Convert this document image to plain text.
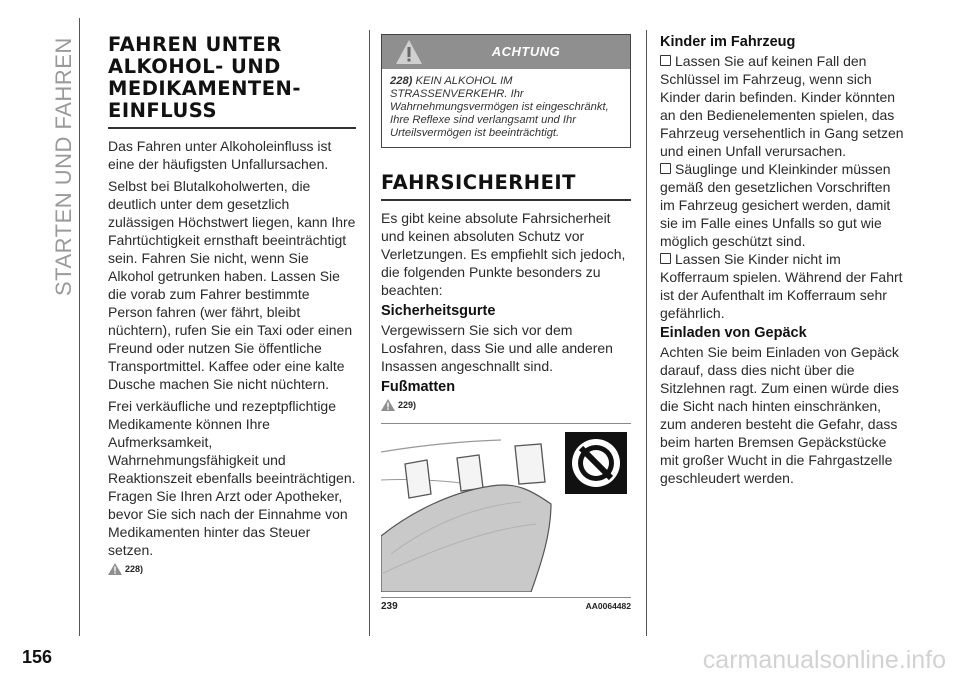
STARTEN UND FAHREN FAHREN UNTER
ALKOHOL- UND
MEDIKAMENTEN-
EINFLUSS

Das Fahren unter Alkoholeinfluss ist eine der häufigsten Unfallursachen.

Selbst bei Blutalkoholwerten, die deutlich unter dem gesetzlich zulässigen Höchstwert liegen, kann Ihre Fahrtüchtigkeit ernsthaft beeinträchtigt sein. Fahren Sie nicht, wenn Sie Alkohol getrunken haben. Lassen Sie die vorab zum Fahrer bestimmte Person fahren (wer fährt, bleibt nüchtern), rufen Sie ein Taxi oder einen Freund oder nutzen Sie öffentliche Transportmittel. Kaffee oder eine kalte Dusche machen Sie nicht nüchtern.

Frei verkäufliche und rezeptpflichtige Medikamente können Ihre Aufmerksamkeit, Wahrnehmungsfähigkeit und Reaktionszeit ebenfalls beeinträchtigen. Fragen Sie Ihren Arzt oder Apotheker, bevor Sie sich nach der Einnahme von Medikamenten hinter das Steuer setzen.

228)
ACHTUNG
228) KEIN ALKOHOL IM STRASSENVERKEHR. Ihr Wahrnehmungsvermögen ist eingeschränkt, Ihre Reflexe sind verlangsamt und Ihr Urteilsvermögen ist beeinträchtigt.
FAHRSICHERHEIT

Es gibt keine absolute Fahrsicherheit und keinen absoluten Schutz vor Verletzungen. Es empfiehlt sich jedoch, die folgenden Punkte besonders zu beachten:

Sicherheitsgurte

Vergewissern Sie sich vor dem Losfahren, dass Sie und alle anderen Insassen angeschnallt sind.

Fußmatten
229)
239	AA0064482
Kinder im Fahrzeug
Lassen Sie auf keinen Fall den Schlüssel im Fahrzeug, wenn sich Kinder darin befinden. Kinder könnten an den Bedienelementen spielen, das Fahrzeug versehentlich in Gang setzen und einen Unfall verursachen.
Säuglinge und Kleinkinder müssen gemäß den gesetzlichen Vorschriften im Fahrzeug gesichert werden, damit sie im Falle eines Unfalls so gut wie möglich geschützt sind.
Lassen Sie Kinder nicht im Kofferraum spielen. Während der Fahrt ist der Aufenthalt im Kofferraum sehr gefährlich.
Einladen von Gepäck

Achten Sie beim Einladen von Gepäck darauf, dass dies nicht über die Sitzlehnen ragt. Zum einen würde dies die Sicht nach hinten einschränken, zum anderen besteht die Gefahr, dass beim harten Bremsen Gepäckstücke mit großer Wucht in die Fahrgastzelle geschleudert werden.

156	carmanualsonline.info
